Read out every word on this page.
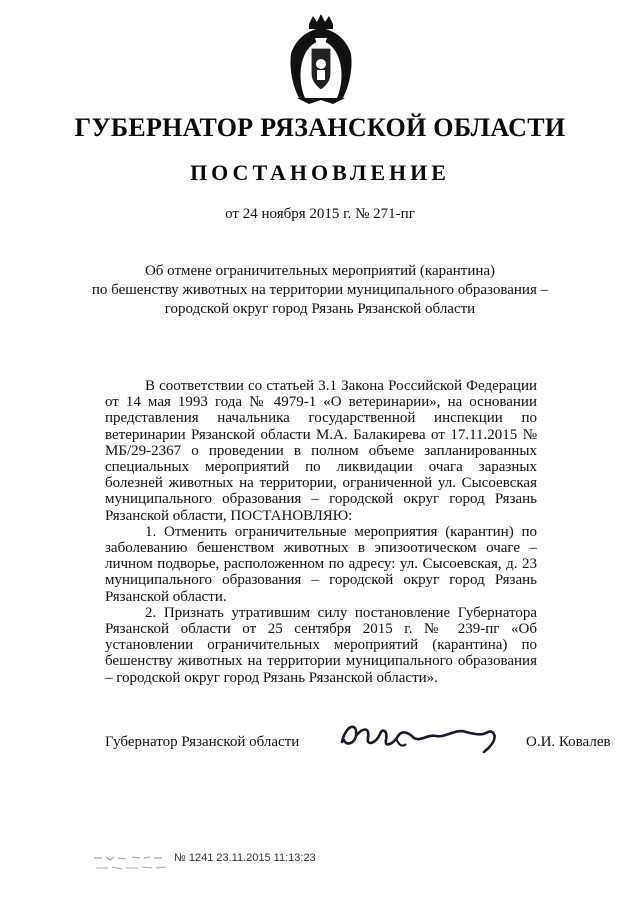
ГУБЕРНАТОР РЯЗАНСКОЙ ОБЛАСТИ
ПОСТАНОВЛЕНИЕ
от 24 ноября 2015 г. № 271-пг
Об отмене ограничительных мероприятий (карантина)
по бешенству животных на территории муниципального образования –
городской округ город Рязань Рязанской области

В соответствии со статьей 3.1 Закона Российской Федерации от 14 мая 1993 года № 4979-1 «О ветеринарии», на основании представления начальника государственной инспекции по ветеринарии Рязанской области М.А. Балакирева от 17.11.2015 № МБ/29-2367 о проведении в полном объеме запланированных специальных мероприятий по ликвидации очага заразных болезней животных на территории, ограниченной ул. Сысоевская муниципального образования – городской округ город Рязань Рязанской области, ПОСТАНОВЛЯЮ:

1. Отменить ограничительные мероприятия (карантин) по заболеванию бешенством животных в эпизоотическом очаге – личном подворье, расположенном по адресу: ул. Сысоевская, д. 23 муниципального образования – городской округ город Рязань Рязанской области.

2. Признать утратившим силу постановление Губернатора Рязанской области от 25 сентября 2015 г. № 239-пг «Об установлении ограничительных мероприятий (карантина) по бешенству животных на территории муниципального образования – городской округ город Рязань Рязанской области».

Губернатор Рязанской области	О.И. Ковалев
№ 1241 23.11.2015 11:13:23
